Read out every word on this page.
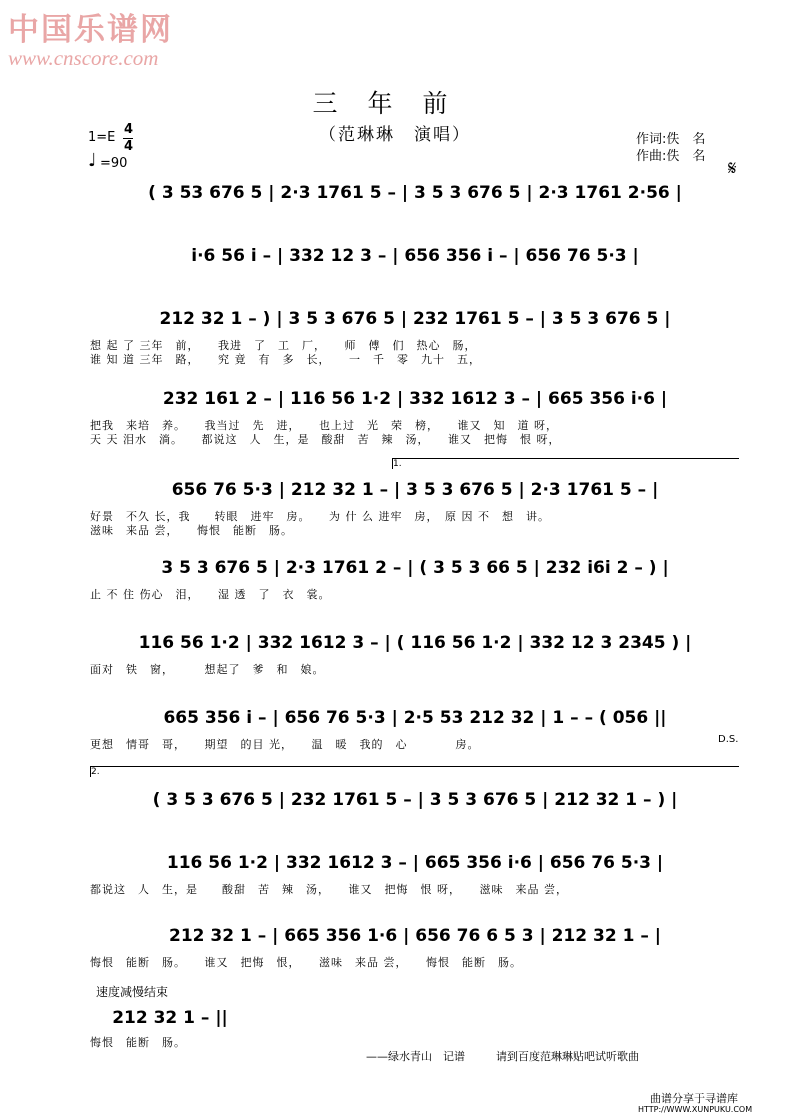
中国乐谱网
www.cnscore.com
三年前
（范琳琳　演唱）
1=E
4
4
♩ =90
作词:佚　名
作曲:佚　名 𝄋
( 3 53 676 5 | 2·3 1761 5 – | 3 5 3 676 5 | 2·3 1761 2·56 |
i·6 56 i – | 332 12 3 – | 656 356 i – | 656 76 5·3 |
212 32 1 – ) | 3 5 3 676 5 | 232 1761 5 – | 3 5 3 676 5 |
想 起 了 三年　前，　　我进　了　工　厂，　　师　傅　们　热心　肠，
谁 知 道 三年　路，　　究 竟　有　多　长，　　一　千　零　九十　五，
232 161 2 – | 116 56 1·2 | 332 1612 3 – | 665 356 i·6 |
把我　来培　养。　　我当过　先　进，　　也上过　光　荣　榜，　　谁又　知　道 呀，
天 天 泪水　淌。　　都说这　人　生，是　酸甜　苦　辣　汤，　　谁又　把悔　恨 呀，
1.
656 76 5·3 | 212 32 1 – | 3 5 3 676 5 | 2·3 1761 5 – |
好景　不久 长，我　　转眼　进牢　房。　　为 什 么 进牢　房，　原 因 不　想　讲。
滋味　来品 尝，　　悔恨　能断　肠。
3 5 3 676 5 | 2·3 1761 2 – | ( 3 5 3 66 5 | 232 i6i 2 – ) |
止 不 住 伤心　泪，　　湿 透　了　衣　裳。
116 56 1·2 | 332 1612 3 – | ( 116 56 1·2 | 332 12 3 2345 ) |
面对　铁　窗，　　　想起了　爹　和　娘。
665 356 i – | 656 76 5·3 | 2·5 53 212 32 | 1 – – ( 056 ||
更想　情哥　哥，　　期望　的目 光，　　温　暖　我的　心　　　　房。	D.S.
2.
( 3 5 3 676 5 | 232 1761 5 – | 3 5 3 676 5 | 212 32 1 – ) |
116 56 1·2 | 332 1612 3 – | 665 356 i·6 | 656 76 5·3 |
都说这　人　生，是　　酸甜　苦　辣　汤，　　谁又　把悔　恨 呀，　　滋味　来品 尝，
212 32 1 – | 665 356 1·6 | 656 76 6 5 3 | 212 32 1 – |
悔恨　能断　肠。　　谁又　把悔　恨，　　滋味　来品 尝，　　悔恨　能断　肠。
速度减慢结束
212 32 1 – ||
悔恨　能断　肠。
——绿水青山　记谱	请到百度范琳琳贴吧试听歌曲
曲谱分享于寻谱库
HTTP://WWW.XUNPUKU.COM
